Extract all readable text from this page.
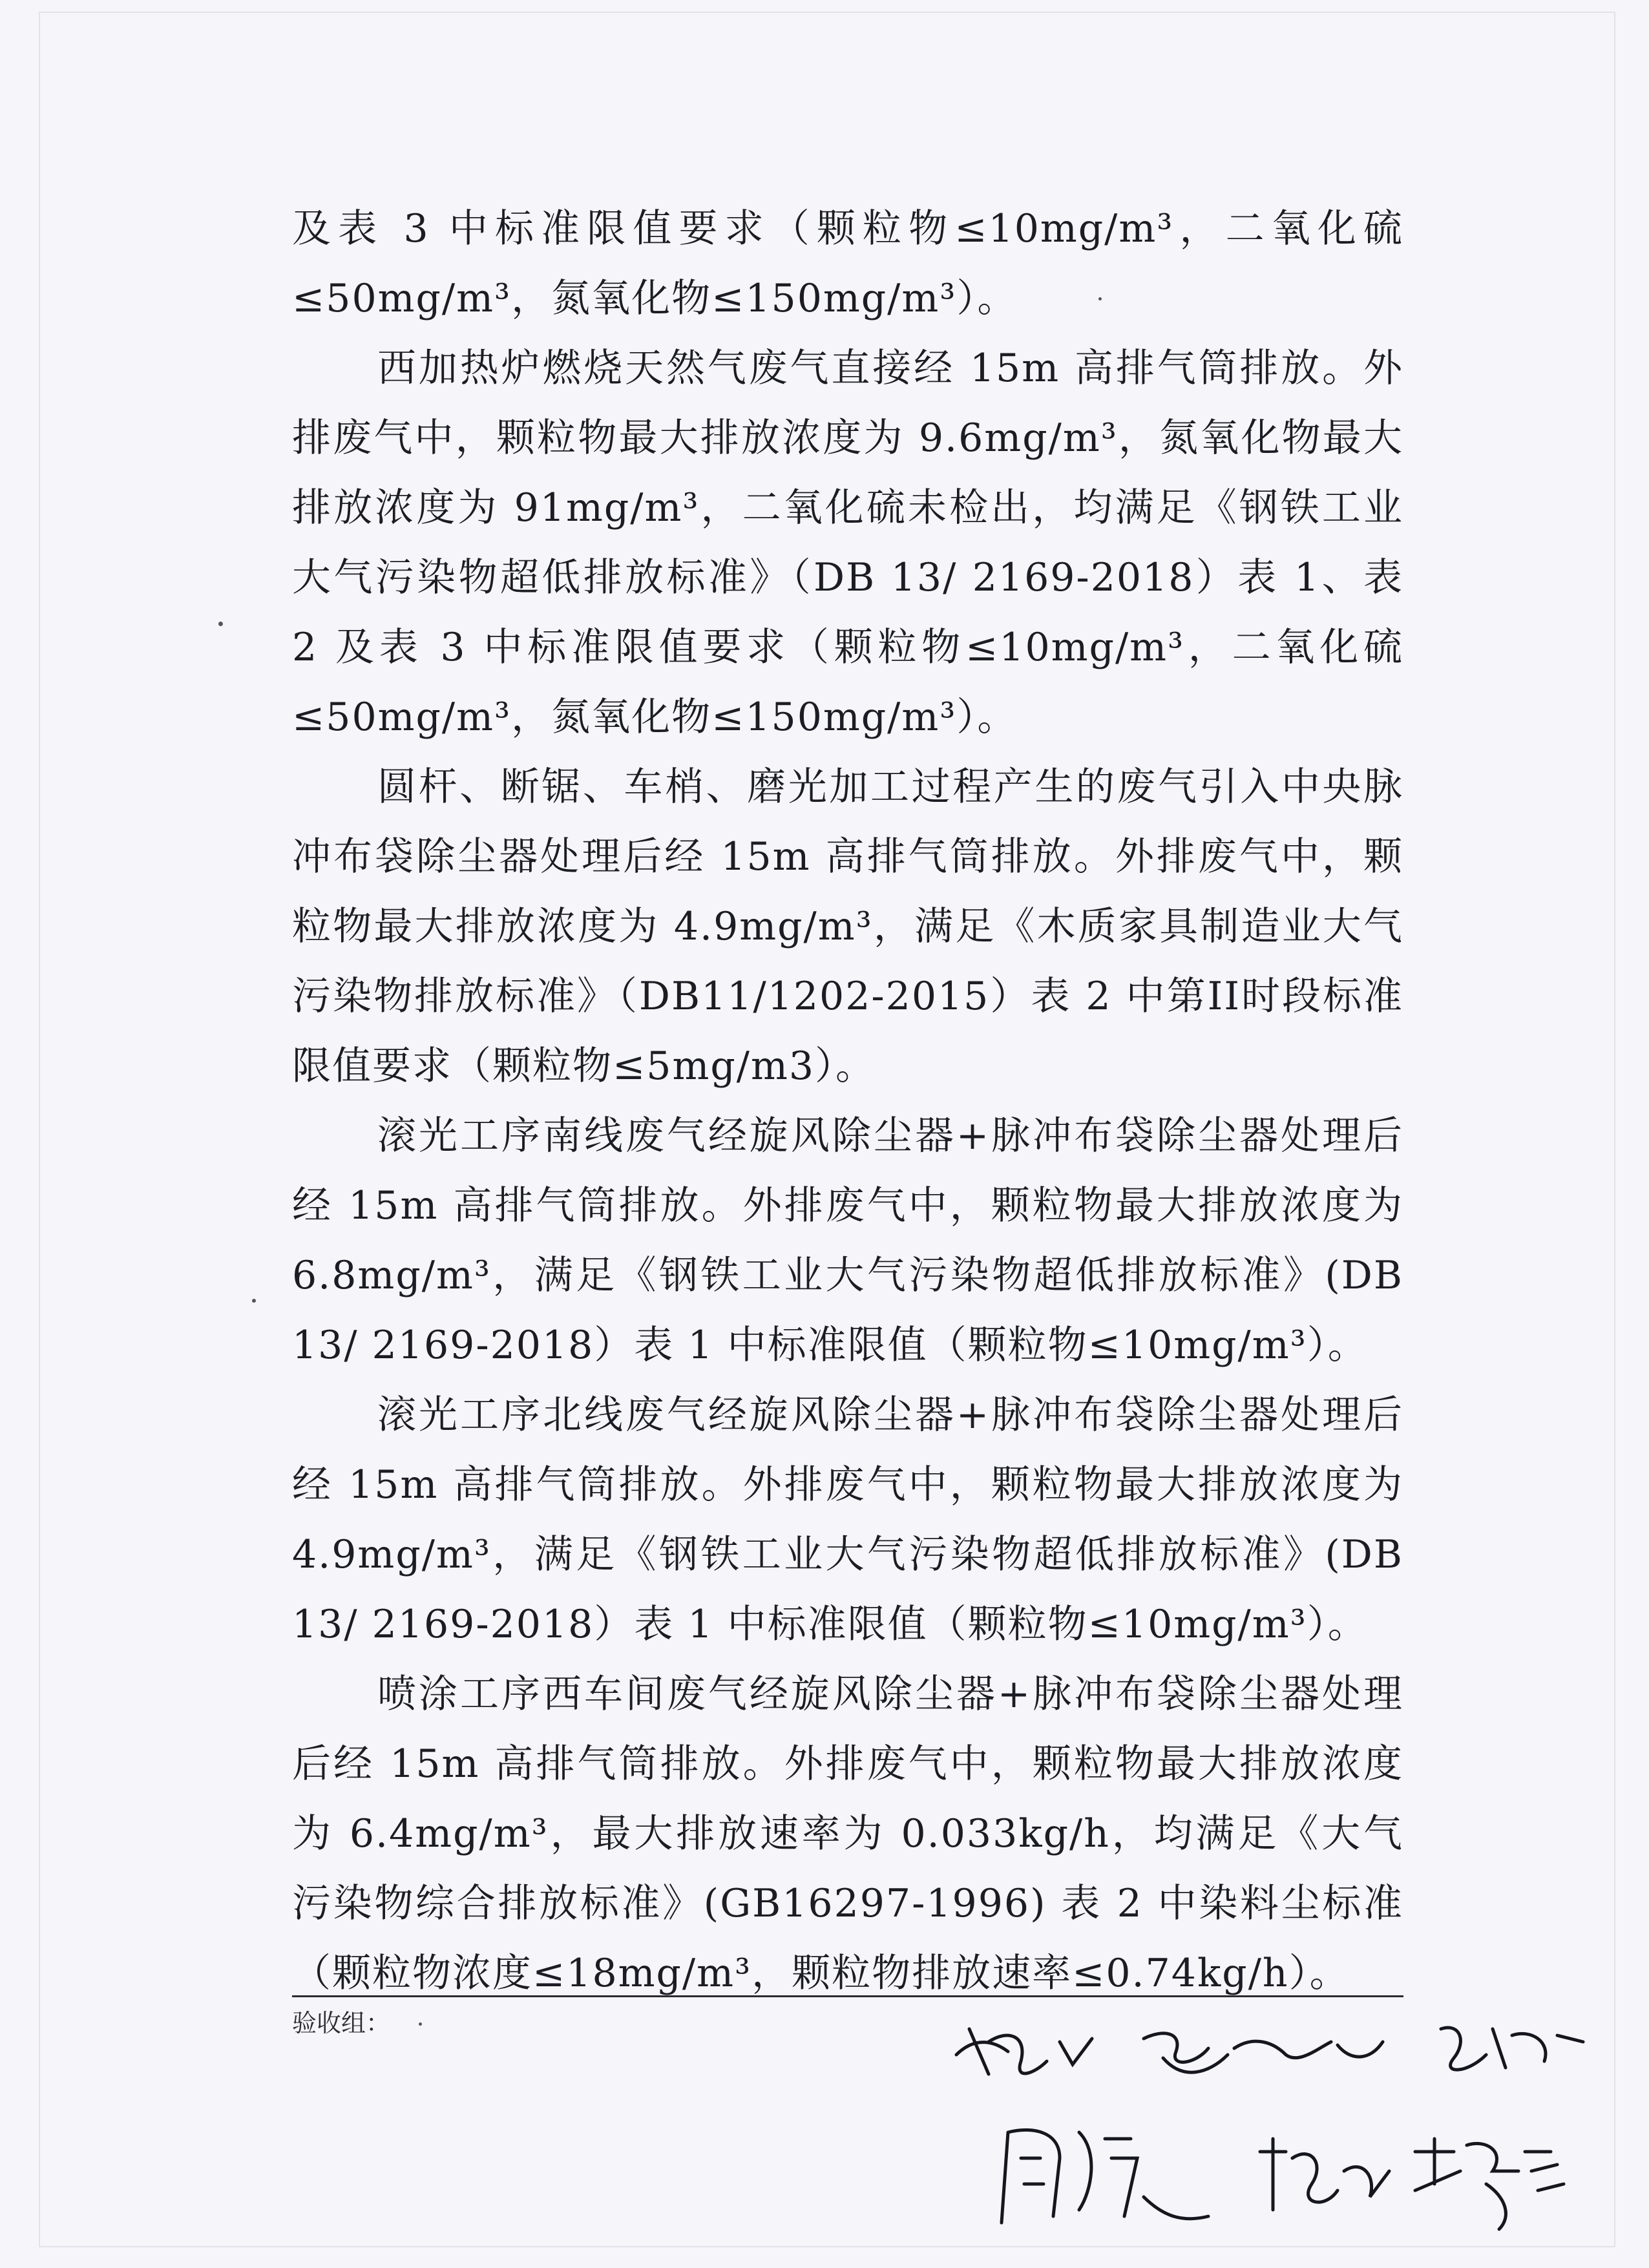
及表 3 中标准限值要求（颗粒物≤10mg/m³，二氧化硫≤50mg/m³，氮氧化物≤150mg/m³）。

西加热炉燃烧天然气废气直接经 15m 高排气筒排放。外排废气中，颗粒物最大排放浓度为 9.6mg/m³，氮氧化物最大排放浓度为 91mg/m³，二氧化硫未检出，均满足《钢铁工业大气污染物超低排放标准》（DB 13/ 2169-2018）表 1、表 2 及表 3 中标准限值要求（颗粒物≤10mg/m³，二氧化硫≤50mg/m³，氮氧化物≤150mg/m³）。

圆杆、断锯、车梢、磨光加工过程产生的废气引入中央脉冲布袋除尘器处理后经 15m 高排气筒排放。外排废气中，颗粒物最大排放浓度为 4.9mg/m³，满足《木质家具制造业大气污染物排放标准》（DB11/1202-2015）表 2 中第II时段标准限值要求（颗粒物≤5mg/m3）。

滚光工序南线废气经旋风除尘器+脉冲布袋除尘器处理后经 15m 高排气筒排放。外排废气中，颗粒物最大排放浓度为 6.8mg/m³，满足《钢铁工业大气污染物超低排放标准》(DB 13/ 2169-2018）表 1 中标准限值（颗粒物≤10mg/m³）。

滚光工序北线废气经旋风除尘器+脉冲布袋除尘器处理后经 15m 高排气筒排放。外排废气中，颗粒物最大排放浓度为 4.9mg/m³，满足《钢铁工业大气污染物超低排放标准》(DB 13/ 2169-2018）表 1 中标准限值（颗粒物≤10mg/m³）。

喷涂工序西车间废气经旋风除尘器+脉冲布袋除尘器处理后经 15m 高排气筒排放。外排废气中，颗粒物最大排放浓度为 6.4mg/m³，最大排放速率为 0.033kg/h，均满足《大气污染物综合排放标准》(GB16297-1996) 表 2 中染料尘标准（颗粒物浓度≤18mg/m³，颗粒物排放速率≤0.74kg/h）。

验收组：
